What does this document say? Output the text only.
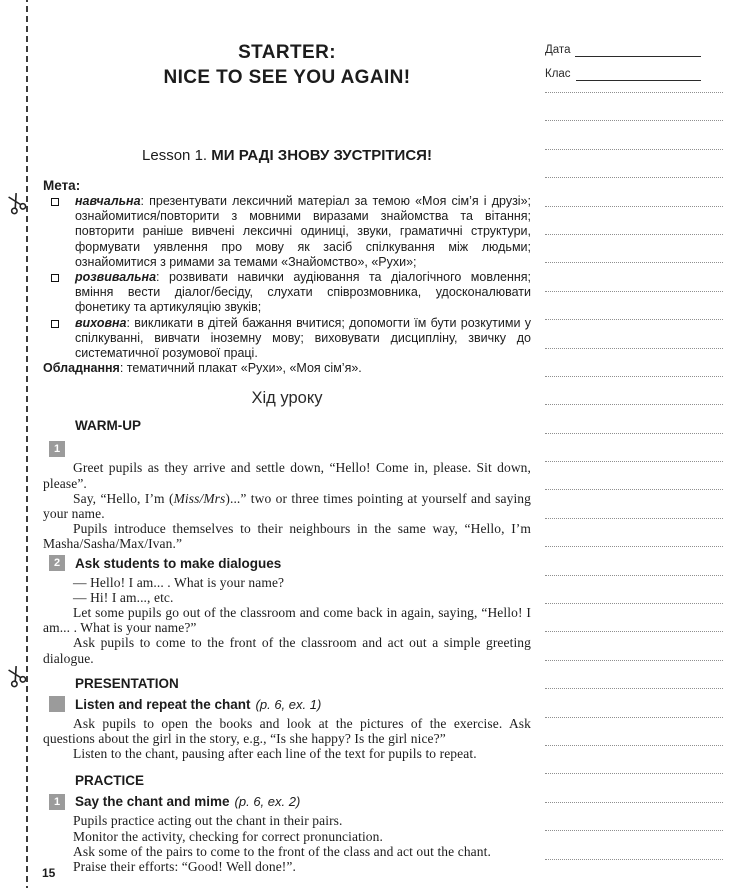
STARTER:
NICE TO SEE YOU AGAIN!
Lesson 1. МИ РАДІ ЗНОВУ ЗУСТРІТИСЯ!
Мета:
навчальна: презентувати лексичний матеріал за темою «Моя сім’я і друзі»; ознайомитися/повторити з мовними виразами знайомства та вітання; повторити раніше вивчені лексичні одиниці, звуки, граматичні структури, формувати уявлення про мову як засіб спілкування між людьми; ознайомитися з римами за темами «Знайомство», «Рухи»;
розвивальна: розвивати навички аудіювання та діалогічного мовлення; вміння вести діалог/бесіду, слухати співрозмовника, удосконалювати фонетику та артикуляцію звуків;
виховна: викликати в дітей бажання вчитися; допомогти їм бути розкутими у спілкуванні, вивчати іноземну мову; виховувати дисципліну, звичку до систематичної розумової праці.
Обладнання: тематичний плакат «Рухи», «Моя сім’я».
Хід уроку
WARM-UP
1

Greet pupils as they arrive and settle down, “Hello! Come in, please. Sit down, please”.

Say, “Hello, I’m (Miss/Mrs)...” two or three times pointing at yourself and saying your name.

Pupils introduce themselves to their neighbours in the same way, “Hello, I’m Masha/Sasha/Max/Ivan.”

2	Ask students to make dialogues

— Hello! I am... . What is your name?

— Hi! I am..., etc.

Let some pupils go out of the classroom and come back in again, saying, “Hello! I am... . What is your name?”

Ask pupils to come to the front of the classroom and act out a simple greeting dialogue.

PRESENTATION
Listen and repeat the chant (p. 6, ex. 1)

Ask pupils to open the books and look at the pictures of the exercise. Ask questions about the girl in the story, e.g., “Is she happy? Is the girl nice?”

Listen to the chant, pausing after each line of the text for pupils to repeat.

PRACTICE
1	Say the chant and mime (p. 6, ex. 2)

Pupils practice acting out the chant in their pairs.

Monitor the activity, checking for correct pronunciation.

Ask some of the pairs to come to the front of the class and act out the chant.

Praise their efforts: “Good! Well done!”.

15
Дата
Клас
